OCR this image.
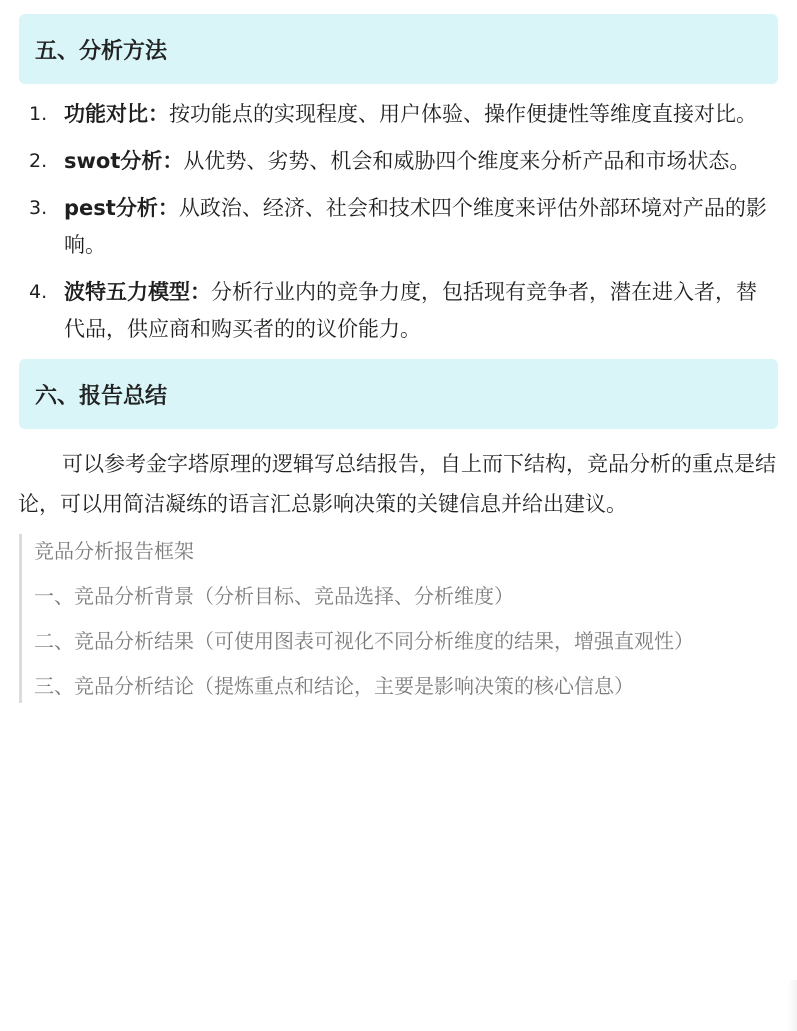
五、分析方法
1. 功能对比：按功能点的实现程度、用户体验、操作便捷性等维度直接对比。
2. swot分析：从优势、劣势、机会和威胁四个维度来分析产品和市场状态。
3. pest分析：从政治、经济、社会和技术四个维度来评估外部环境对产品的影响。
4. 波特五力模型：分析行业内的竞争力度，包括现有竞争者，潜在进入者，替代品，供应商和购买者的的议价能力。
六、报告总结

可以参考金字塔原理的逻辑写总结报告，自上而下结构，竞品分析的重点是结论，可以用简洁凝练的语言汇总影响决策的关键信息并给出建议。

竞品分析报告框架

一、竞品分析背景（分析目标、竞品选择、分析维度）

二、竞品分析结果（可使用图表可视化不同分析维度的结果，增强直观性）

三、竞品分析结论（提炼重点和结论，主要是影响决策的核心信息）
